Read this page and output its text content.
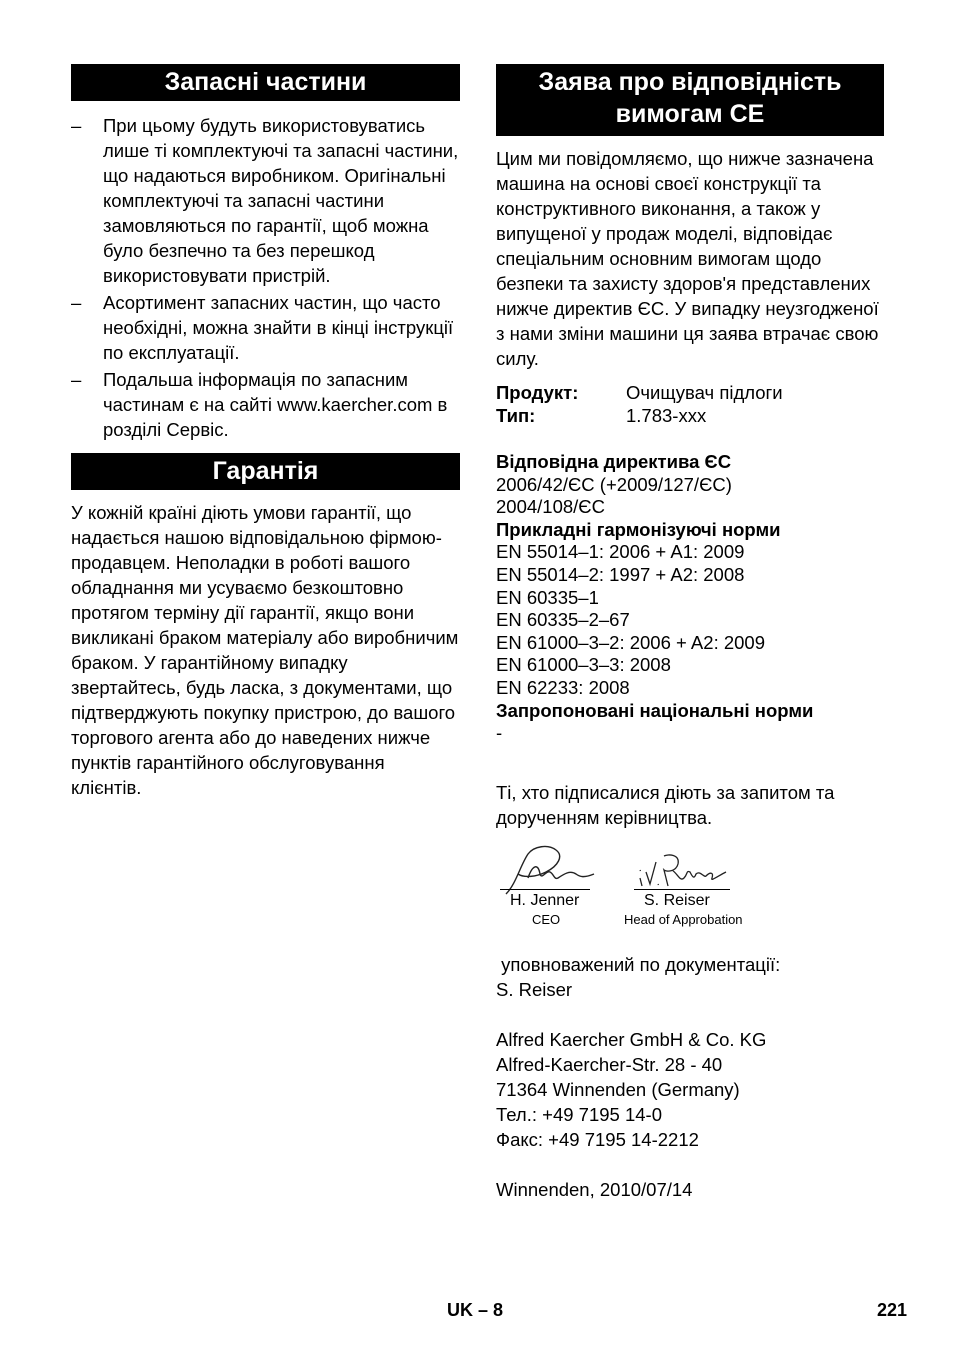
Запасні частини
– При цьому будуть використовуватись лише ті комплектуючі та запасні частини, що надаються виробником. Оригінальні комплектуючі та запасні частини замовляються по гарантії, щоб можна було безпечно та без перешкод використовувати пристрій.
– Асортимент запасних частин, що часто необхідні, можна знайти в кінці інструкції по експлуатації.
– Подальша інформація по запасним частинам є на сайті www.kaercher.com в розділі Сервіс.
Гарантія

У кожній країні діють умови гарантії, що надається нашою відповідальною фірмою-продавцем. Неполадки в роботі вашого обладнання ми усуваємо безкоштовно протягом терміну дії гарантії, якщо вони викликані браком матеріалу або виробничим браком. У гарантійному випадку звертайтесь, будь ласка, з документами, що підтверджують покупку пристрою, до вашого торгового агента або до наведених нижче пунктів гарантійного обслуговування клієнтів.

Заява про відповідність
вимогам CE

Цим ми повідомляємо, що нижче зазначена машина на основі своєї конструкції та конструктивного виконання, а також у випущеної у продаж моделі, відповідає спеціальним основним вимогам щодо безпеки та захисту здоров'я представлених нижче директив ЄС. У випадку неузгодженої з нами зміни машини ця заява втрачає свою силу.

Продукт:	Очищувач підлоги
Тип:	1.783-xxx
Відповідна директива ЄС
2006/42/ЄС (+2009/127/ЄС)
2004/108/ЄС
Прикладні гармонізуючі норми
EN 55014–1: 2006 + A1: 2009
EN 55014–2: 1997 + A2: 2008
EN 60335–1
EN 60335–2–67
EN 61000–3–2: 2006 + A2: 2009
EN 61000–3–3: 2008
EN 62233: 2008
Запропоновані національні норми
-

Ті, хто підписалися діють за запитом та дорученням керівництва.

H. Jenner
CEO
S. Reiser
Head of Approbation

уповноважений по документації:

S. Reiser

Alfred Kaercher GmbH & Co. KG
Alfred-Kaercher-Str. 28 - 40
71364 Winnenden (Germany)
Тел.: +49 7195 14-0
Факс: +49 7195 14-2212

Winnenden, 2010/07/14

UK – 8	221
